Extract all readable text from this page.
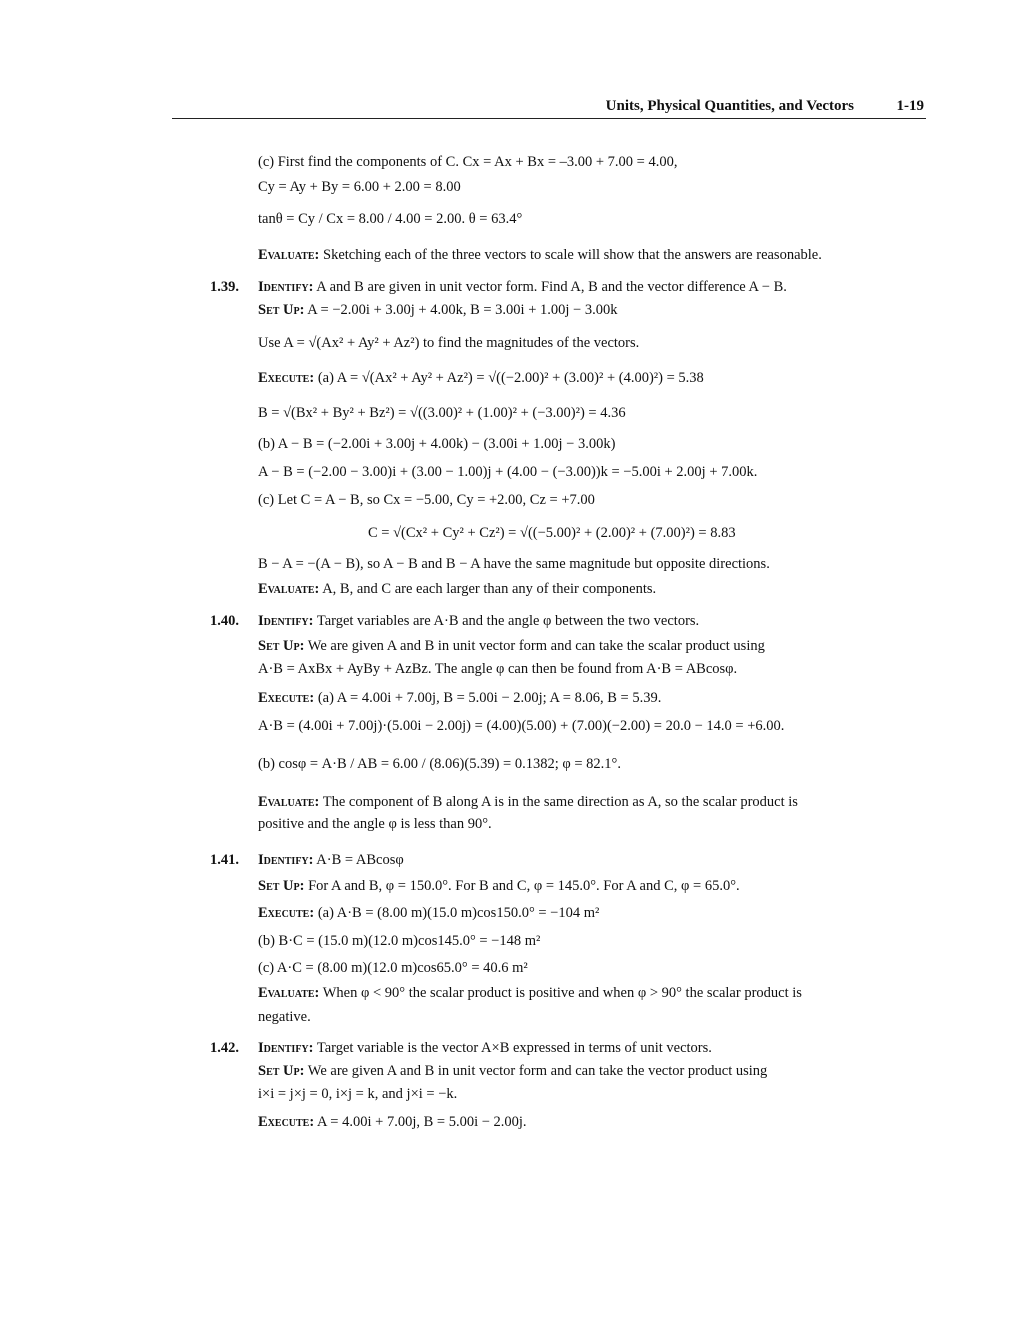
Units, Physical Quantities, and Vectors	1-19
1.39.
1.40.
1.41.
1.42.
(c) First find the components of C. Cx = Ax + Bx = –3.00 + 7.00 = 4.00,
Cy = Ay + By = 6.00 + 2.00 = 8.00
tanθ = Cy / Cx = 8.00 / 4.00 = 2.00. θ = 63.4°
Evaluate: Sketching each of the three vectors to scale will show that the answers are reasonable.
Identify: A and B are given in unit vector form. Find A, B and the vector difference A − B.
Set Up: A = −2.00i + 3.00j + 4.00k, B = 3.00i + 1.00j − 3.00k
Use A = √(Ax² + Ay² + Az²) to find the magnitudes of the vectors.
Execute: (a) A = √(Ax² + Ay² + Az²) = √((−2.00)² + (3.00)² + (4.00)²) = 5.38
B = √(Bx² + By² + Bz²) = √((3.00)² + (1.00)² + (−3.00)²) = 4.36
(b) A − B = (−2.00i + 3.00j + 4.00k) − (3.00i + 1.00j − 3.00k)
A − B = (−2.00 − 3.00)i + (3.00 − 1.00)j + (4.00 − (−3.00))k = −5.00i + 2.00j + 7.00k.
(c) Let C = A − B, so Cx = −5.00, Cy = +2.00, Cz = +7.00
C = √(Cx² + Cy² + Cz²) = √((−5.00)² + (2.00)² + (7.00)²) = 8.83
B − A = −(A − B), so A − B and B − A have the same magnitude but opposite directions.
Evaluate: A, B, and C are each larger than any of their components.
Identify: Target variables are A·B and the angle φ between the two vectors.
Set Up: We are given A and B in unit vector form and can take the scalar product using
A·B = AxBx + AyBy + AzBz. The angle φ can then be found from A·B = ABcosφ.
Execute: (a) A = 4.00i + 7.00j, B = 5.00i − 2.00j; A = 8.06, B = 5.39.
A·B = (4.00i + 7.00j)·(5.00i − 2.00j) = (4.00)(5.00) + (7.00)(−2.00) = 20.0 − 14.0 = +6.00.
(b) cosφ = A·B / AB = 6.00 / (8.06)(5.39) = 0.1382; φ = 82.1°.
Evaluate: The component of B along A is in the same direction as A, so the scalar product is
positive and the angle φ is less than 90°.
Identify: A·B = ABcosφ
Set Up: For A and B, φ = 150.0°. For B and C, φ = 145.0°. For A and C, φ = 65.0°.
Execute: (a) A·B = (8.00 m)(15.0 m)cos150.0° = −104 m²
(b) B·C = (15.0 m)(12.0 m)cos145.0° = −148 m²
(c) A·C = (8.00 m)(12.0 m)cos65.0° = 40.6 m²
Evaluate: When φ < 90° the scalar product is positive and when φ > 90° the scalar product is
negative.
Identify: Target variable is the vector A×B expressed in terms of unit vectors.
Set Up: We are given A and B in unit vector form and can take the vector product using
i×i = j×j = 0, i×j = k, and j×i = −k.
Execute: A = 4.00i + 7.00j, B = 5.00i − 2.00j.
